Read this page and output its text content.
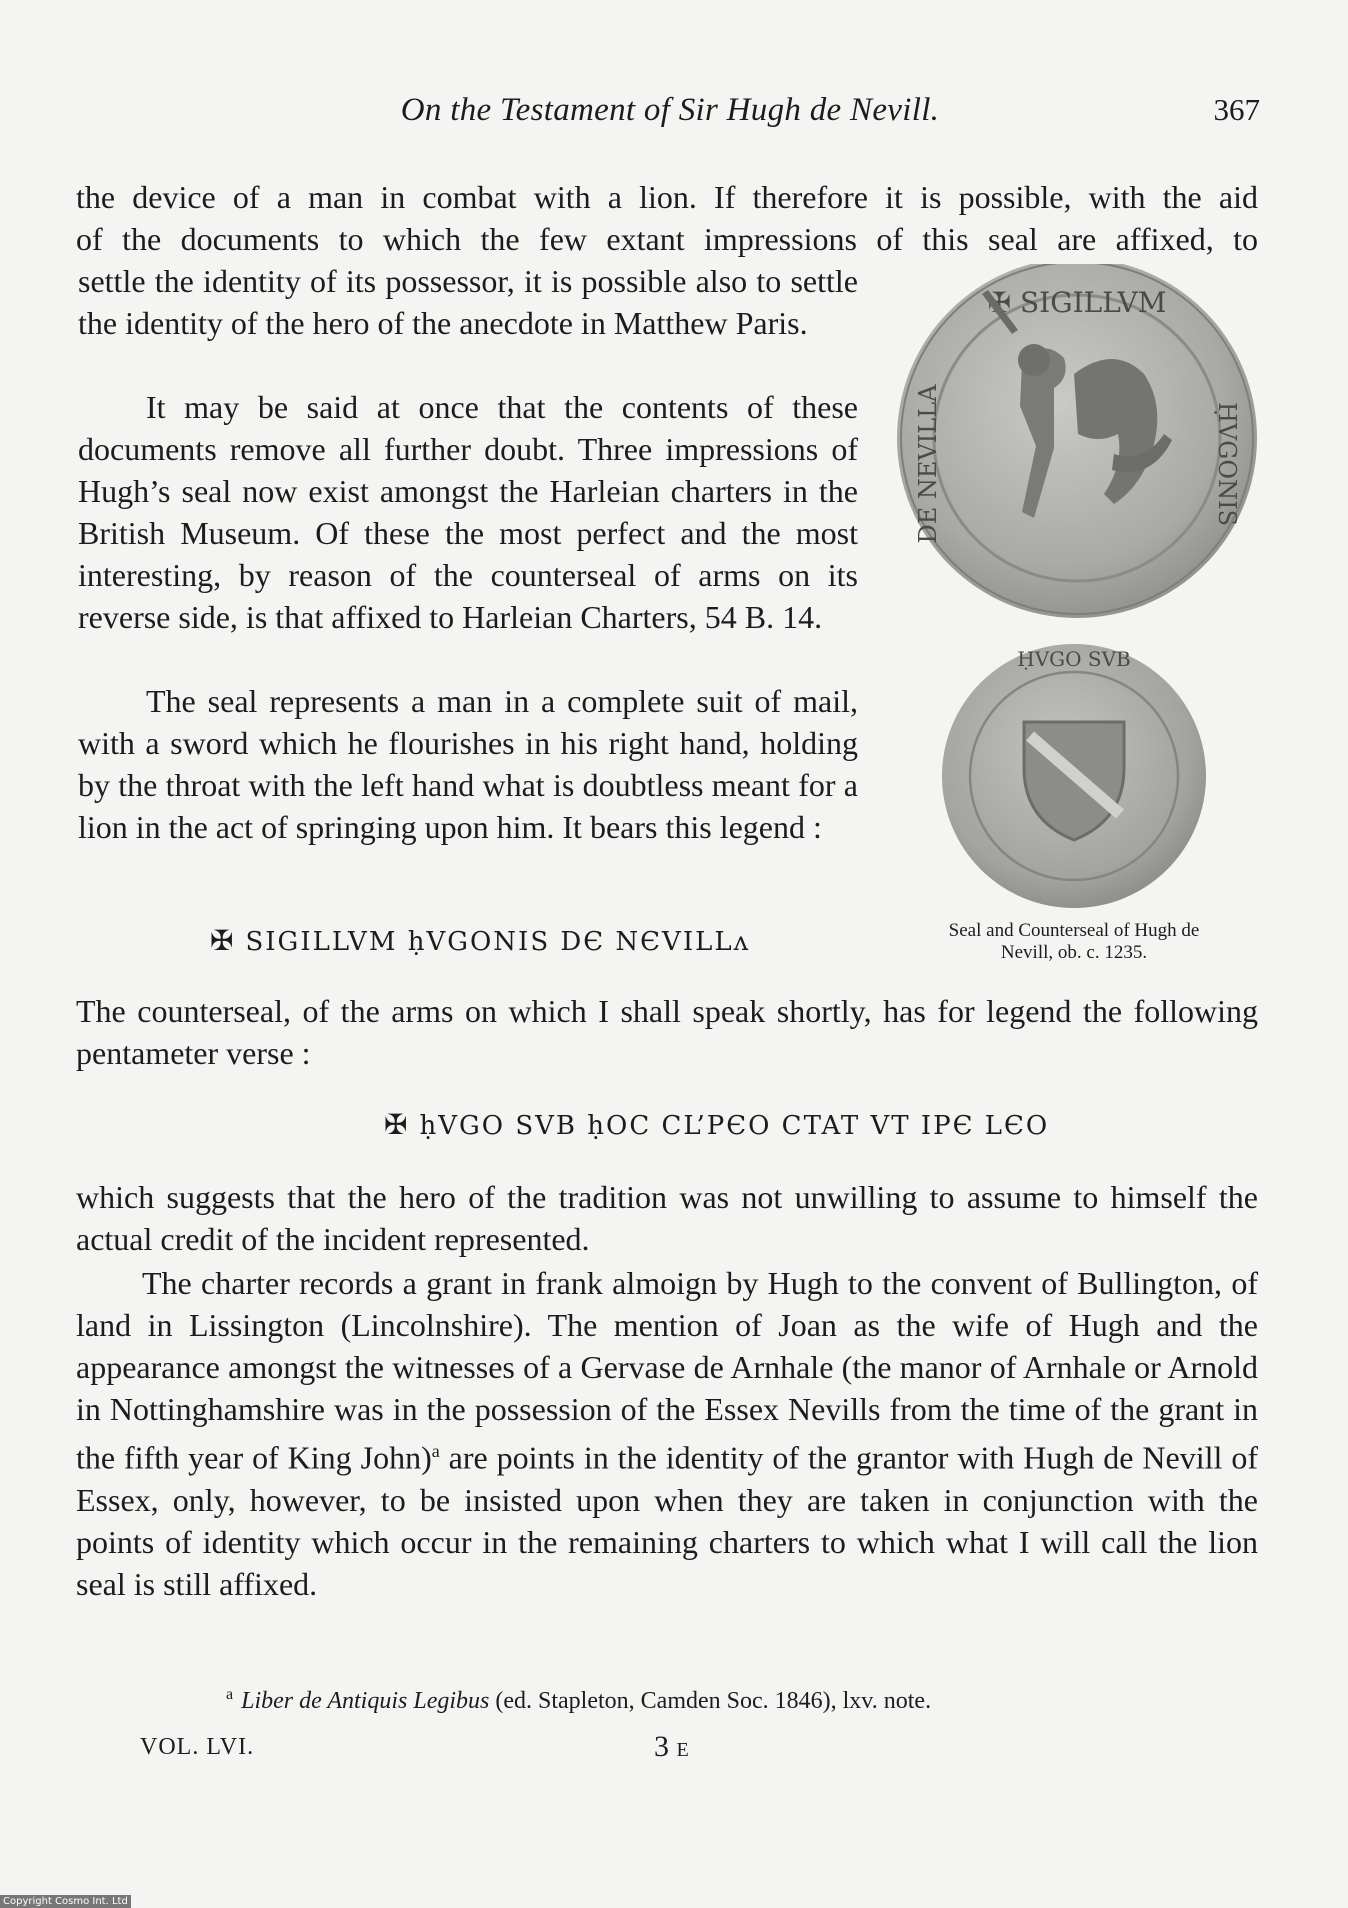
On the Testament of Sir Hugh de Nevill.	367

the device of a man in combat with a lion. If therefore it is possible, with the aid

of the documents to which the few extant impressions of this seal are affixed, to

settle the identity of its possessor, it is possible also to settle the identity of the hero of the anecdote in Matthew Paris.

It may be said at once that the contents of these documents remove all further doubt. Three impressions of Hugh’s seal now exist amongst the Harleian charters in the British Museum. Of these the most perfect and the most interesting, by reason of the counterseal of arms on its reverse side, is that affixed to Harleian Charters, 54 B. 14.

The seal represents a man in a complete suit of mail, with a sword which he flourishes in his right hand, holding by the throat with the left hand what is doubtless meant for a lion in the act of springing upon him. It bears this legend :

✠ SIGILLVM ḥVGONIS DЄ NЄVILLᴧ
✠ SIGILLVM
ḤVGONIS
DE NEVILLA
ḤVGO SVB
Seal and Counterseal of Hugh de
Nevill, ob. c. 1235.

The counterseal, of the arms on which I shall speak shortly, has for legend the following pentameter verse :

✠ ḥVGO SVB ḥOC CL’PЄO CTAT VT IPЄ LЄO

which suggests that the hero of the tradition was not unwilling to assume to himself the actual credit of the incident represented.

The charter records a grant in frank almoign by Hugh to the convent of Bullington, of land in Lissington (Lincolnshire). The mention of Joan as the wife of Hugh and the appearance amongst the witnesses of a Gervase de Arnhale (the manor of Arnhale or Arnold in Nottinghamshire was in the possession of the Essex Nevills from the time of the grant in the fifth year of King John)$^a$ are points in the identity of the grantor with Hugh de Nevill of Essex, only, however, to be insisted upon when they are taken in conjunction with the points of identity which occur in the remaining charters to which what I will call the lion seal is still affixed.

$^a$ Liber de Antiquis Legibus (ed. Stapleton, Camden Soc. 1846), lxv. note.
VOL. LVI.	3 E
Copyright Cosmo Int. Ltd
